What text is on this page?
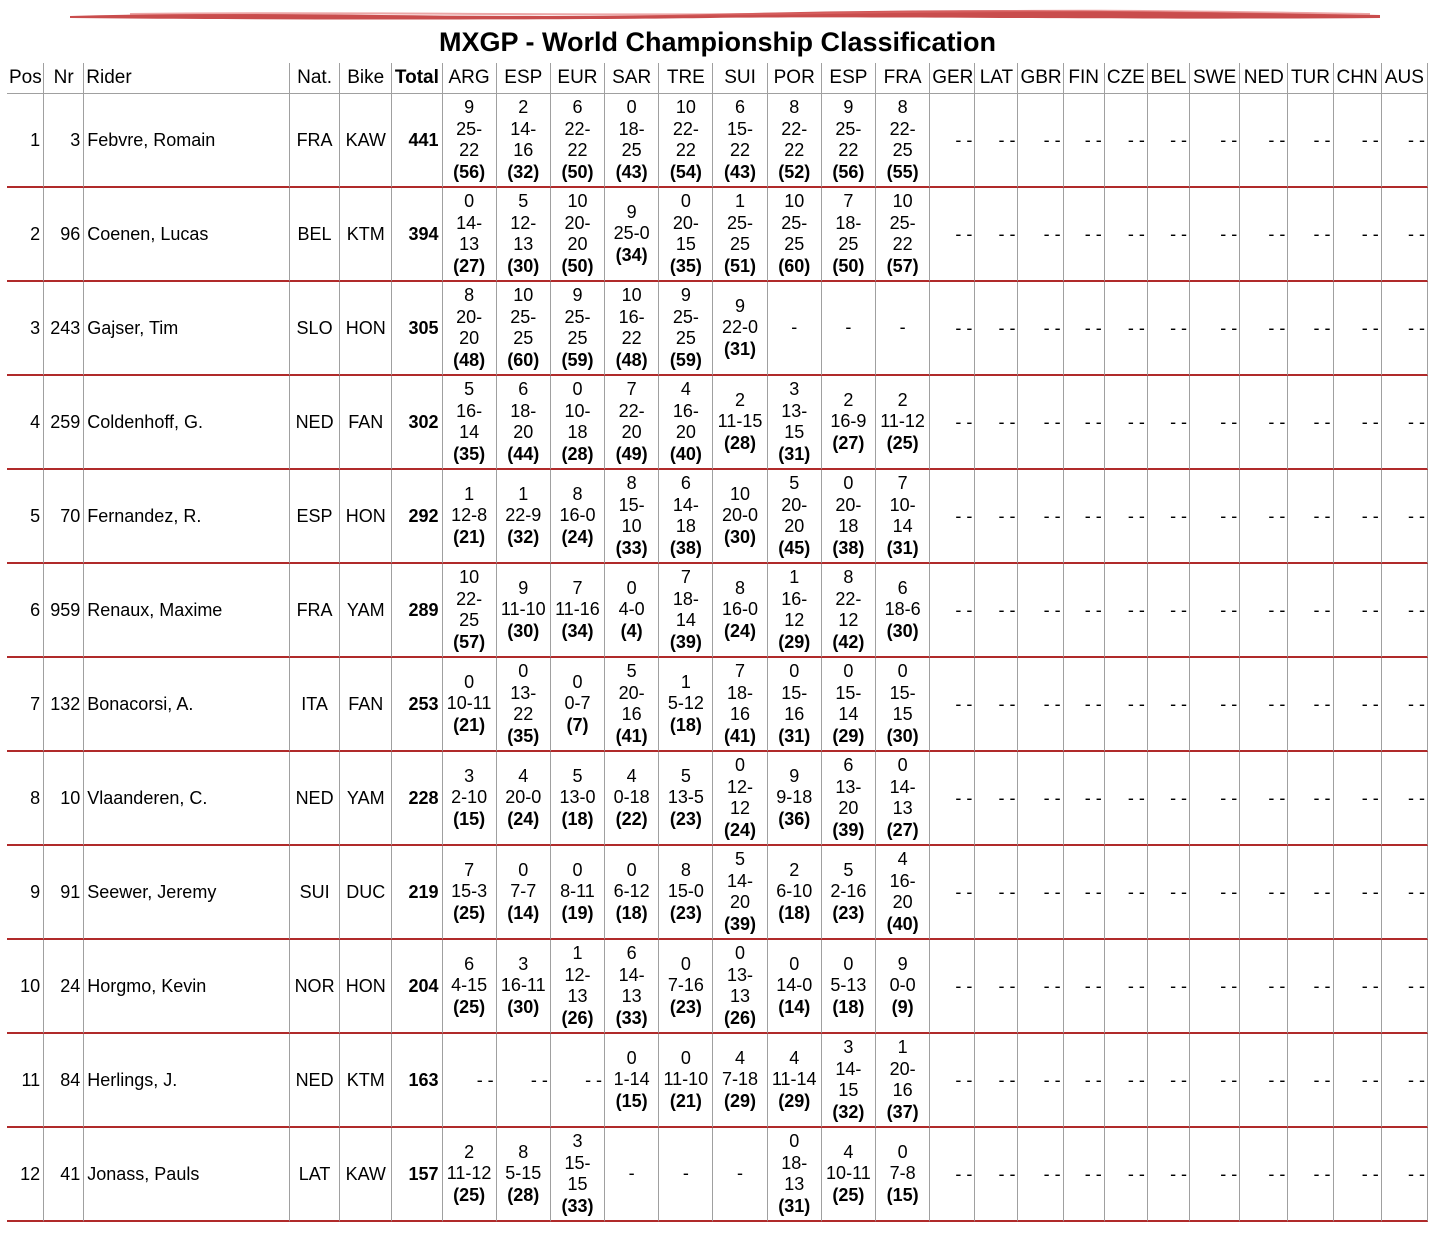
MXGP - World Championship Classification
Pos	Nr	Rider	Nat.	Bike	Total	ARG	ESP	EUR	SAR	TRE	SUI	POR	ESP	FRA	GER	LAT	GBR	FIN	CZE	BEL	SWE	NED	TUR	CHN	AUS
1	3	Febvre, Romain	FRA	KAW	441	9
25-
22
(56)	2
14-
16
(32)	6
22-
22
(50)	0
18-
25
(43)	10
22-
22
(54)	6
15-
22
(43)	8
22-
22
(52)	9
25-
22
(56)	8
22-
25
(55)	- -	- -	- -	- -	- -	- -	- -	- -	- -	- -	- -
2	96	Coenen, Lucas	BEL	KTM	394	0
14-
13
(27)	5
12-
13
(30)	10
20-
20
(50)	9
25-0
(34)	0
20-
15
(35)	1
25-
25
(51)	10
25-
25
(60)	7
18-
25
(50)	10
25-
22
(57)	- -	- -	- -	- -	- -	- -	- -	- -	- -	- -	- -
3	243	Gajser, Tim	SLO	HON	305	8
20-
20
(48)	10
25-
25
(60)	9
25-
25
(59)	10
16-
22
(48)	9
25-
25
(59)	9
22-0
(31)	-	-	-	- -	- -	- -	- -	- -	- -	- -	- -	- -	- -	- -
4	259	Coldenhoff, G.	NED	FAN	302	5
16-
14
(35)	6
18-
20
(44)	0
10-
18
(28)	7
22-
20
(49)	4
16-
20
(40)	2
11-15
(28)	3
13-
15
(31)	2
16-9
(27)	2
11-12
(25)	- -	- -	- -	- -	- -	- -	- -	- -	- -	- -	- -
5	70	Fernandez, R.	ESP	HON	292	1
12-8
(21)	1
22-9
(32)	8
16-0
(24)	8
15-
10
(33)	6
14-
18
(38)	10
20-0
(30)	5
20-
20
(45)	0
20-
18
(38)	7
10-
14
(31)	- -	- -	- -	- -	- -	- -	- -	- -	- -	- -	- -
6	959	Renaux, Maxime	FRA	YAM	289	10
22-
25
(57)	9
11-10
(30)	7
11-16
(34)	0
4-0
(4)	7
18-
14
(39)	8
16-0
(24)	1
16-
12
(29)	8
22-
12
(42)	6
18-6
(30)	- -	- -	- -	- -	- -	- -	- -	- -	- -	- -	- -
7	132	Bonacorsi, A.	ITA	FAN	253	0
10-11
(21)	0
13-
22
(35)	0
0-7
(7)	5
20-
16
(41)	1
5-12
(18)	7
18-
16
(41)	0
15-
16
(31)	0
15-
14
(29)	0
15-
15
(30)	- -	- -	- -	- -	- -	- -	- -	- -	- -	- -	- -
8	10	Vlaanderen, C.	NED	YAM	228	3
2-10
(15)	4
20-0
(24)	5
13-0
(18)	4
0-18
(22)	5
13-5
(23)	0
12-
12
(24)	9
9-18
(36)	6
13-
20
(39)	0
14-
13
(27)	- -	- -	- -	- -	- -	- -	- -	- -	- -	- -	- -
9	91	Seewer, Jeremy	SUI	DUC	219	7
15-3
(25)	0
7-7
(14)	0
8-11
(19)	0
6-12
(18)	8
15-0
(23)	5
14-
20
(39)	2
6-10
(18)	5
2-16
(23)	4
16-
20
(40)	- -	- -	- -	- -	- -	- -	- -	- -	- -	- -	- -
10	24	Horgmo, Kevin	NOR	HON	204	6
4-15
(25)	3
16-11
(30)	1
12-
13
(26)	6
14-
13
(33)	0
7-16
(23)	0
13-
13
(26)	0
14-0
(14)	0
5-13
(18)	9
0-0
(9)	- -	- -	- -	- -	- -	- -	- -	- -	- -	- -	- -
11	84	Herlings, J.	NED	KTM	163	- -	- -	- -	0
1-14
(15)	0
11-10
(21)	4
7-18
(29)	4
11-14
(29)	3
14-
15
(32)	1
20-
16
(37)	- -	- -	- -	- -	- -	- -	- -	- -	- -	- -	- -
12	41	Jonass, Pauls	LAT	KAW	157	2
11-12
(25)	8
5-15
(28)	3
15-
15
(33)	-	-	-	0
18-
13
(31)	4
10-11
(25)	0
7-8
(15)	- -	- -	- -	- -	- -	- -	- -	- -	- -	- -	- -
